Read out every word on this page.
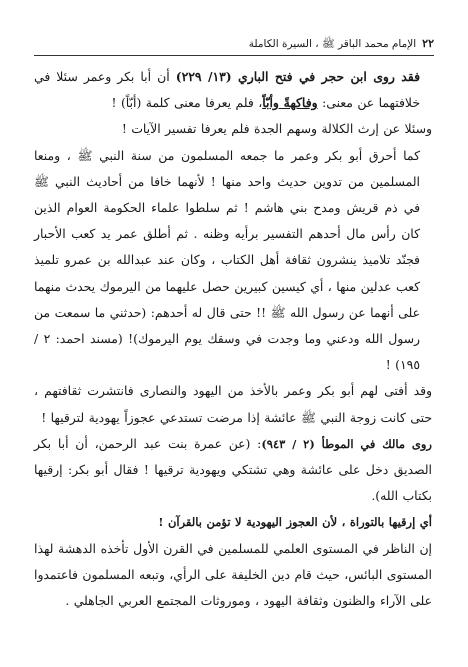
٢٢
الإمام محمد الباقر ﷺ ، السيرة الكاملة

فقد روى ابن حجر في فتح الباري (١٣/ ٢٢٩) أن أبا بكر وعمر سئلا في خلافتهما عن معنى: وفاكهةً وأبّاً، فلم يعرفا معنى كلمة (أبّاً) !

وسئلا عن إرث الكلالة وسهم الجدة فلم يعرفا تفسير الآيات !

كما أحرق أبو بكر وعمر ما جمعه المسلمون من سنة النبي ﷺ ، ومنعا المسلمين من تدوين حديث واحد منها ! لأنهما خافا من أحاديث النبي ﷺ في ذم قريش ومدح بني هاشم ! ثم سلطوا علماء الحكومة العوام الذين كان رأس مال أحدهم التفسير برأيه وظنه . ثم أطلق عمر يد كعب الأحبار فجنّد تلاميذ ينشرون ثقافة أهل الكتاب ، وكان عند عبدالله بن عمرو تلميذ كعب عدلين منها ، أي كيسين كبيرين حصل عليهما من اليرموك يحدث منهما على أنهما عن رسول الله ﷺ !! حتى قال له أحدهم: (حدثني ما سمعت من رسول الله ودعني وما وجدت في وسقك يوم اليرموك)! (مسند احمد: ٢ / ١٩٥) !

وقد أفتى لهم أبو بكر وعمر بالأخذ من اليهود والنصارى فانتشرت ثقافتهم ، حتى كانت زوجة النبي ﷺ عائشة إذا مرضت تستدعي عجوزاً يهودية لترقيها !

روى مالك في الموطأ (٢ / ٩٤٣): (عن عمرة بنت عبد الرحمن، أن أبا بكر الصديق دخل على عائشة وهي تشتكي ويهودية ترقيها ! فقال أبو بكر: إرقيها بكتاب الله).

أي إرقيها بالتوراة ، لأن العجوز اليهودية لا تؤمن بالقرآن !

إن الناظر في المستوى العلمي للمسلمين في القرن الأول تأخذه الدهشة لهذا المستوى البائس، حيث قام دين الخليفة على الرأي، وتبعه المسلمون فاعتمدوا على الآراء والظنون وثقافة اليهود ، وموروثات المجتمع العربي الجاهلي .
